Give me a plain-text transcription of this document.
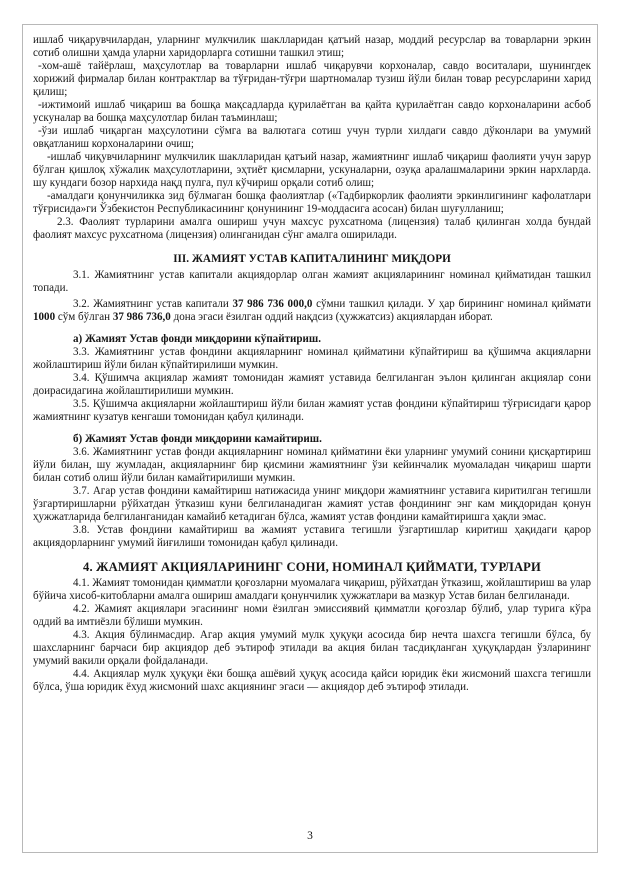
ишлаб чиқарувчилардан, уларнинг мулкчилик шаклларидан қатъий назар, моддий ресурслар ва товарларни эркин сотиб олишни ҳамда уларни харидорларга сотишни ташкил этиш;

-хом-ашё тайёрлаш, маҳсулотлар ва товарларни ишлаб чиқарувчи корхоналар, савдо воситалари, шунингдек хорижий фирмалар билан контрактлар ва тўғридан-тўғри шартномалар тузиш йўли билан товар ресурсларини харид қилиш;

-ижтимоий ишлаб чиқариш ва бошқа мақсадларда қурилаётган ва қайта қурилаётган савдо корхоналарини асбоб ускуналар ва бошқа маҳсулотлар билан таъминлаш;

-ўзи ишлаб чиқарган маҳсулотини сўмга ва валютага сотиш учун турли хилдаги савдо дўконлари ва умумий овқатланиш корхоналарини очиш;

-ишлаб чиқувчиларнинг мулкчилик шаклларидан қатъий назар, жамиятнинг ишлаб чиқариш фаолияти учун зарур бўлган қишлоқ хўжалик маҳсулотларини, эҳтиёт қисмларни, ускуналарни, озуқа аралашмаларини эркин нархларда. шу кундаги бозор нархида нақд пулга, пул кўчириш орқали сотиб олиш;

-амалдаги қонунчиликка зид бўлмаган бошқа фаолиятлар («Тадбиркорлик фаолияти эркинлигининг кафолатлари тўғрисида»ги Ўзбекистон Республикасининг қонунининг 19-моддасига асосан) билан шуғулланиш;

2.3. Фаолият турларини амалга ошириш учун махсус рухсатнома (лицензия) талаб қилинган холда бундай фаолият махсус рухсатнома (лицензия) олинганидан сўнг амалга оширилади.

III. ЖАМИЯТ УСТАВ КАПИТАЛИНИНГ МИҚДОРИ

3.1. Жамиятнинг устав капитали акциядорлар олган жамият акцияларининг номинал қийматидан ташкил топади.

3.2. Жамиятнинг устав капитали 37 986 736 000,0 сўмни ташкил қилади. У ҳар бирининг номинал қиймати 1000 сўм бўлган 37 986 736,0 дона эгаси ёзилган оддий нақдсиз (ҳужжатсиз) акциялардан иборат.

а) Жамият Устав фонди миқдорини кўпайтириш.

3.3. Жамиятнинг устав фондини акцияларнинг номинал қийматини кўпайтириш ва қўшимча акцияларни жойлаштириш йўли билан кўпайтирилиши мумкин.

3.4. Қўшимча акциялар жамият томонидан жамият уставида белгиланган эълон қилинган акциялар сони доирасидагина жойлаштирилиши мумкин.

3.5. Қўшимча акцияларни жойлаштириш йўли билан жамият устав фондини кўпайтириш тўғрисидаги қарор жамиятнинг кузатув кенгаши томонидан қабул қилинади.

б) Жамият Устав фонди миқдорини камайтириш.

3.6. Жамиятнинг устав фонди акцияларнинг номинал қийматини ёки уларнинг умумий сонини қисқартириш йўли билан, шу жумладан, акцияларнинг бир қисмини жамиятнинг ўзи кейинчалик муомаладан чиқариш шарти билан сотиб олиш йўли билан камайтирилиши мумкин.

3.7. Агар устав фондини камайтириш натижасида унинг миқдори жамиятнинг уставига киритилган тегишли ўзгартиришларни рўйхатдан ўтказиш куни белгиланадиган жамият устав фондининг энг кам миқдоридан қонун ҳужжатларида белгиланганидан камайиб кетадиган бўлса, жамият устав фондини камайтиришга ҳақли эмас.

3.8. Устав фондини камайтириш ва жамият уставига тегишли ўзгартишлар киритиш ҳақидаги қарор акциядорларнинг умумий йиғилиши томонидан қабул қилинади.

4. ЖАМИЯТ АКЦИЯЛАРИНИНГ СОНИ, НОМИНАЛ ҚИЙМАТИ, ТУРЛАРИ

4.1. Жамият томонидан қимматли қоғозларни муомалага чиқариш, рўйхатдан ўтказиш, жойлаштириш ва улар бўйича хисоб-китобларни амалга ошириш амалдаги қонунчилик ҳужжатлари ва мазкур Устав билан белгиланади.

4.2. Жамият акциялари эгасининг номи ёзилган эмиссиявий қимматли қоғозлар бўлиб, улар турига кўра оддий ва имтиёзли бўлиши мумкин.

4.3. Акция бўлинмасдир. Агар акция умумий мулк ҳуқуқи асосида бир нечта шахсга тегишли бўлса, бу шахсларнинг барчаси бир акциядор деб эътироф этилади ва акция билан тасдиқланган ҳуқуқлардан ўзларининг умумий вакили орқали фойдаланади.

4.4. Акциялар мулк ҳуқуқи ёки бошқа ашёвий ҳуқуқ асосида қайси юридик ёки жисмоний шахсга тегишли бўлса, ўша юридик ёхуд жисмоний шахс акциянинг эгаси — акциядор деб эътироф этилади.

3
